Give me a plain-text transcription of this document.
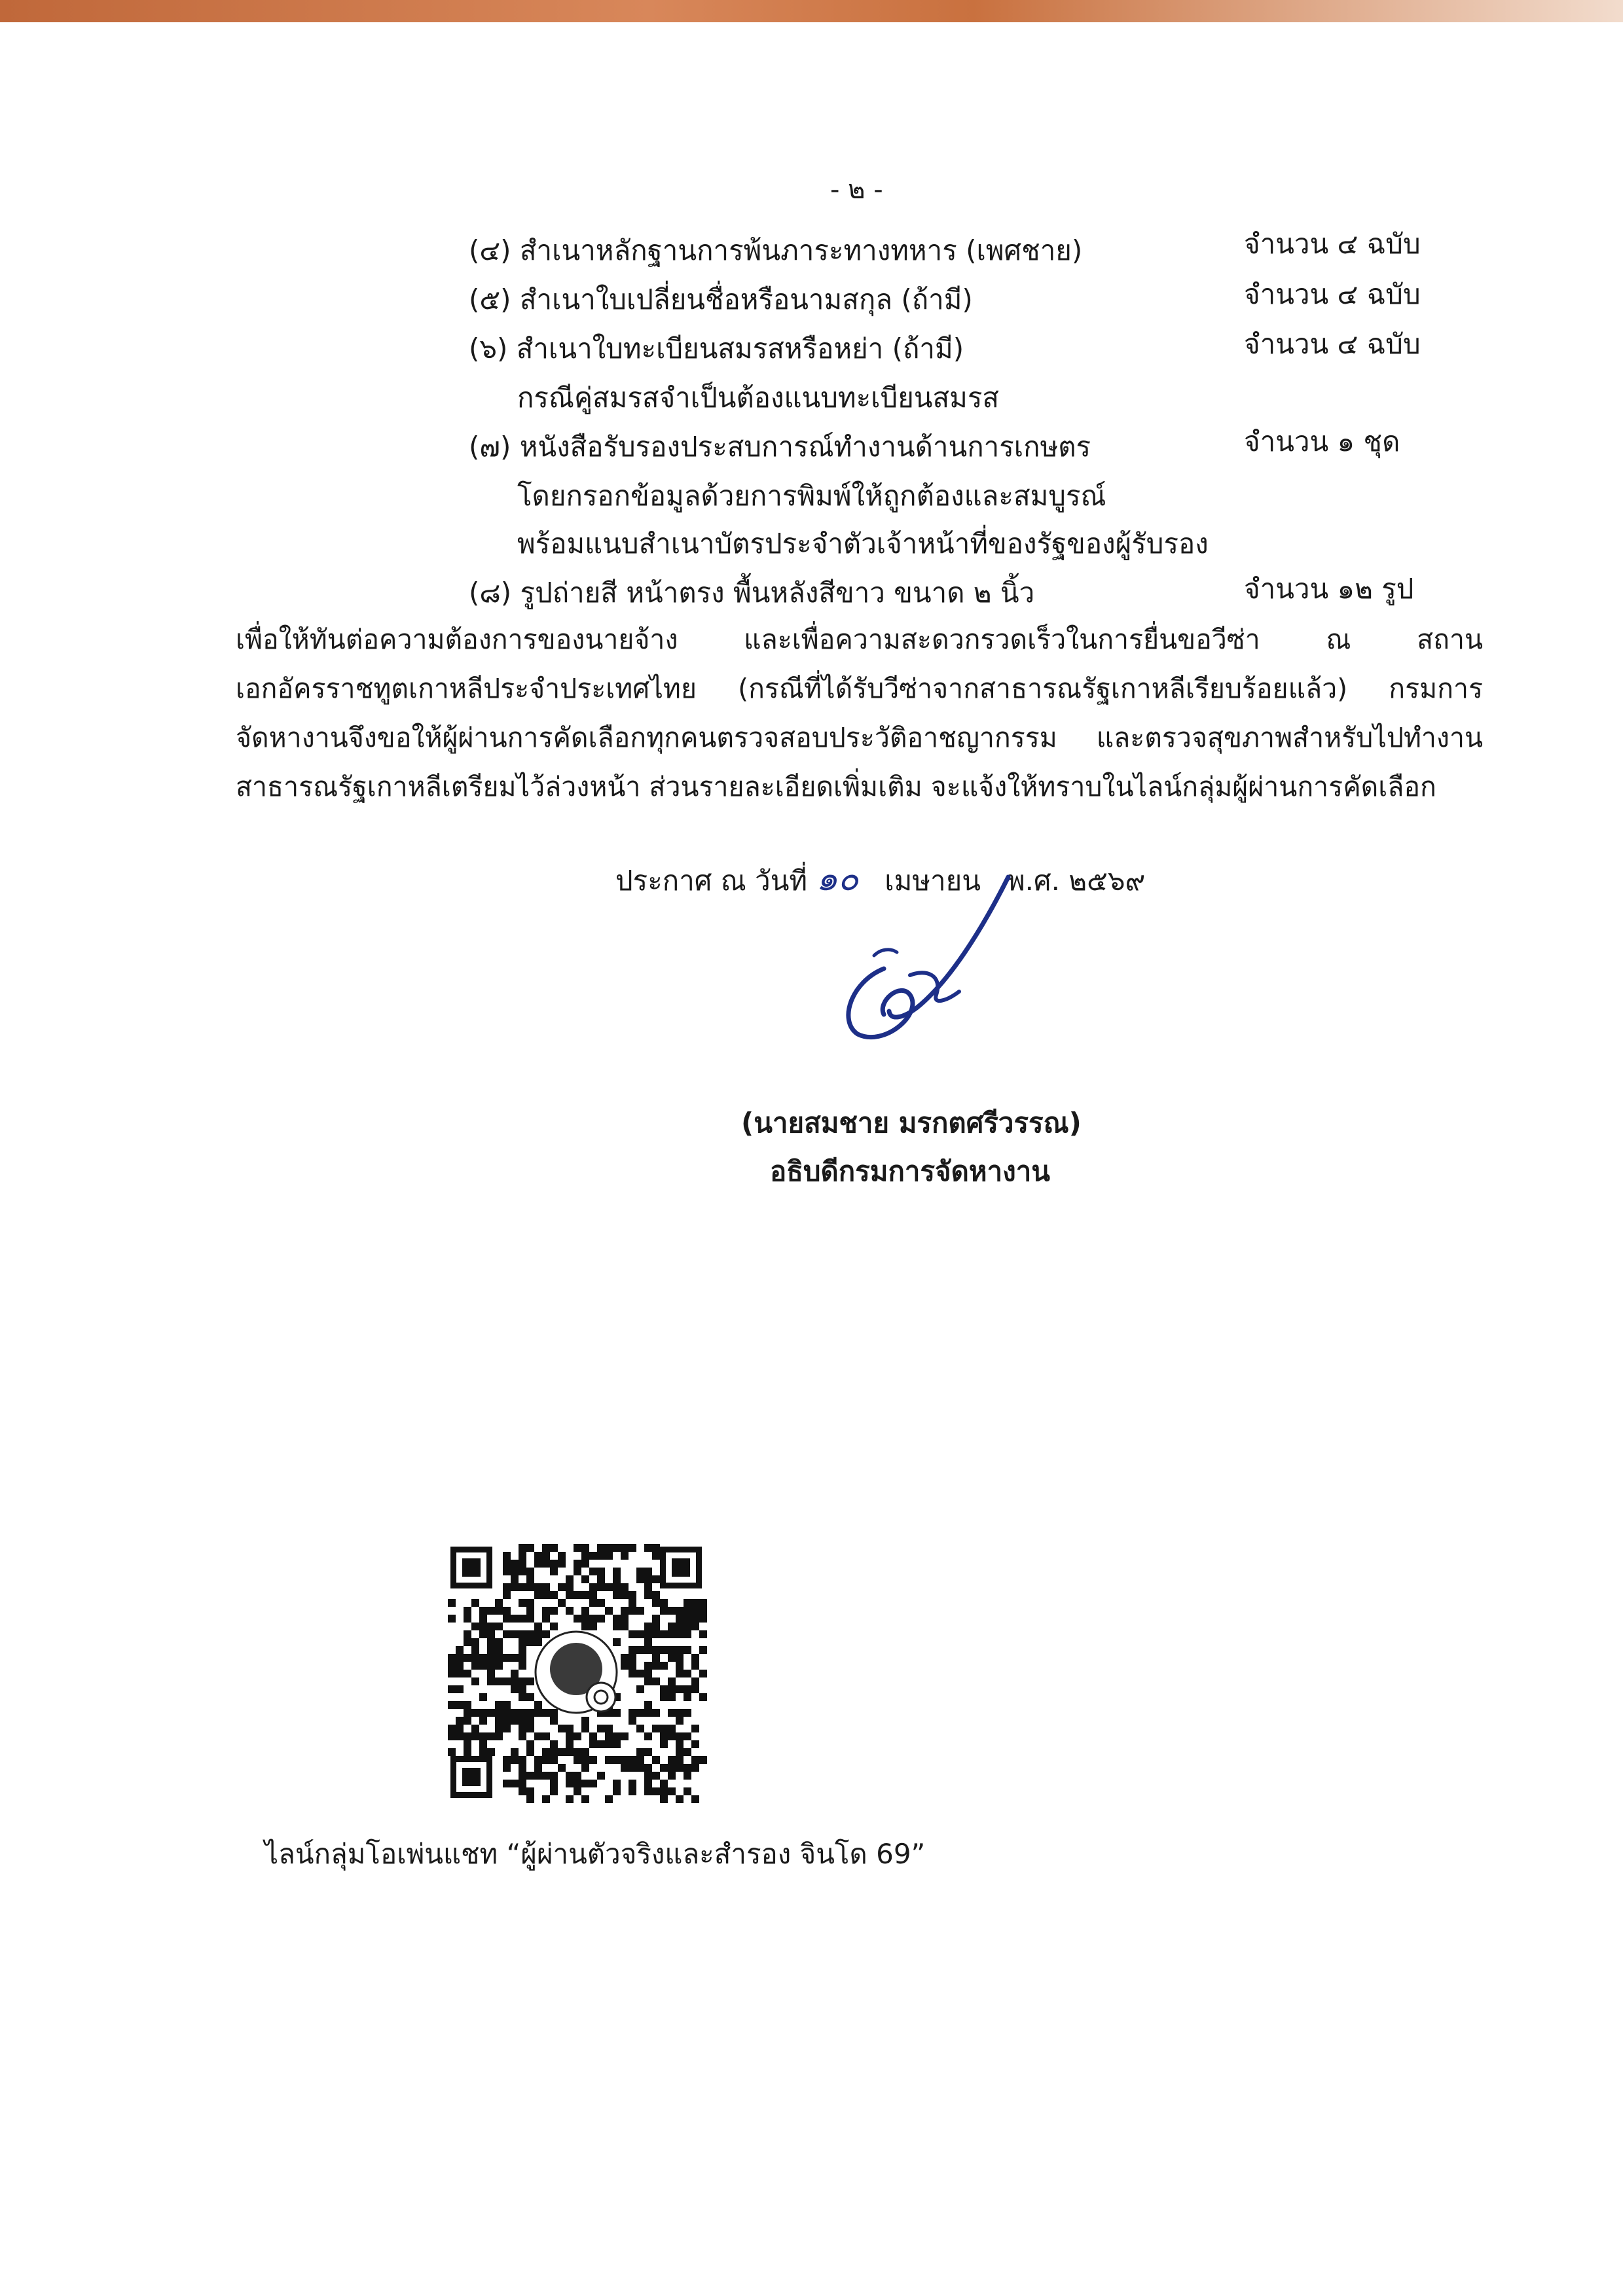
- ๒ -
(๔) สำเนาหลักฐานการพ้นภาระทางทหาร (เพศชาย)	จำนวน ๔ ฉบับ
(๕) สำเนาใบเปลี่ยนชื่อหรือนามสกุล (ถ้ามี)	จำนวน ๔ ฉบับ
(๖) สำเนาใบทะเบียนสมรสหรือหย่า (ถ้ามี)	จำนวน ๔ ฉบับ
กรณีคู่สมรสจำเป็นต้องแนบทะเบียนสมรส
(๗) หนังสือรับรองประสบการณ์ทำงานด้านการเกษตร	จำนวน ๑ ชุด
โดยกรอกข้อมูลด้วยการพิมพ์ให้ถูกต้องและสมบูรณ์
พร้อมแนบสำเนาบัตรประจำตัวเจ้าหน้าที่ของรัฐของผู้รับรอง
(๘) รูปถ่ายสี หน้าตรง พื้นหลังสีขาว ขนาด ๒ นิ้ว	จำนวน ๑๒ รูป
เพื่อให้ทันต่อความต้องการของนายจ้าง และเพื่อความสะดวกรวดเร็วในการยื่นขอวีซ่า ณ สถานเอกอัครราชทูตเกาหลีประจำประเทศไทย (กรณีที่ได้รับวีซ่าจากสาธารณรัฐเกาหลีเรียบร้อยแล้ว) กรมการจัดหางานจึงขอให้ผู้ผ่านการคัดเลือกทุกคนตรวจสอบประวัติอาชญากรรม และตรวจสุขภาพสำหรับไปทำงานสาธารณรัฐเกาหลีเตรียมไว้ล่วงหน้า ส่วนรายละเอียดเพิ่มเติม จะแจ้งให้ทราบในไลน์กลุ่มผู้ผ่านการคัดเลือก
ประกาศ ณ วันที่ ๑๐ เมษายน พ.ศ. ๒๕๖๙
(นายสมชาย มรกตศรีวรรณ)
อธิบดีกรมการจัดหางาน
ไลน์กลุ่มโอเพ่นแชท “ผู้ผ่านตัวจริงและสำรอง จินโด 69”
